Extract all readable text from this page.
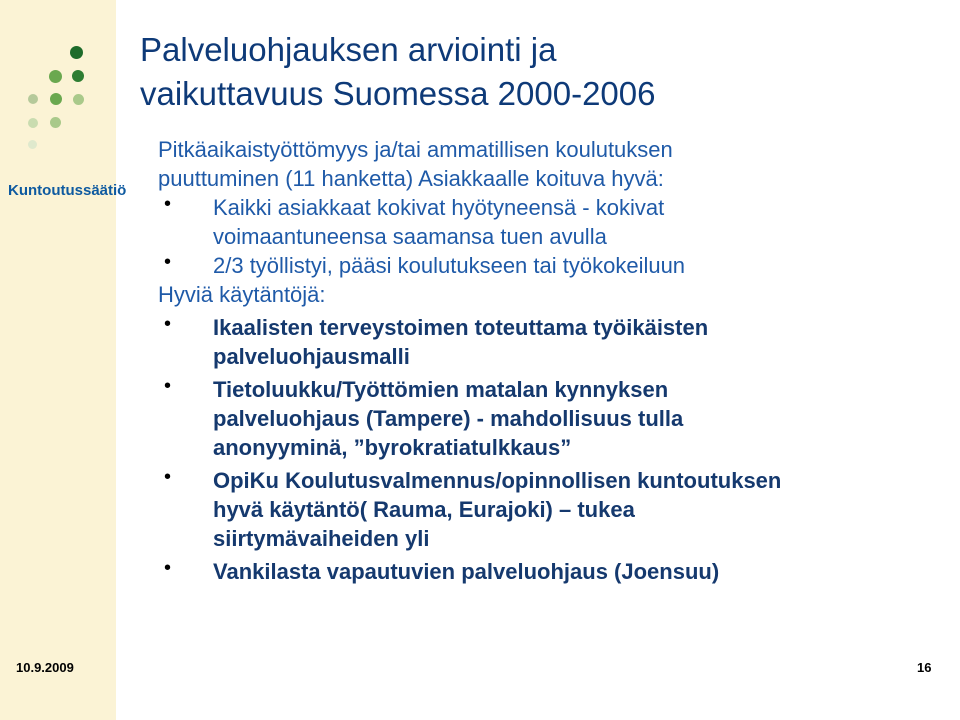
Kuntoutussäätiö
Palveluohjauksen arviointi ja
vaikuttavuus Suomessa 2000-2006
Pitkäaikaistyöttömyys ja/tai ammatillisen koulutuksen
puuttuminen (11 hanketta) Asiakkaalle koituva hyvä:
• Kaikki asiakkaat kokivat hyötyneensä - kokivat
voimaantuneensa saamansa tuen avulla
• 2/3 työllistyi, pääsi koulutukseen tai työkokeiluun
Hyviä käytäntöjä:
• Ikaalisten terveystoimen toteuttama työikäisten
palveluohjausmalli
• Tietoluukku/Työttömien matalan kynnyksen
palveluohjaus (Tampere) - mahdollisuus tulla
anonyyminä, ”byrokratiatulkkaus”
• OpiKu Koulutusvalmennus/opinnollisen kuntoutuksen
hyvä käytäntö( Rauma, Eurajoki) – tukea
siirtymävaiheiden yli
• Vankilasta vapautuvien palveluohjaus (Joensuu)
10.9.2009	16
